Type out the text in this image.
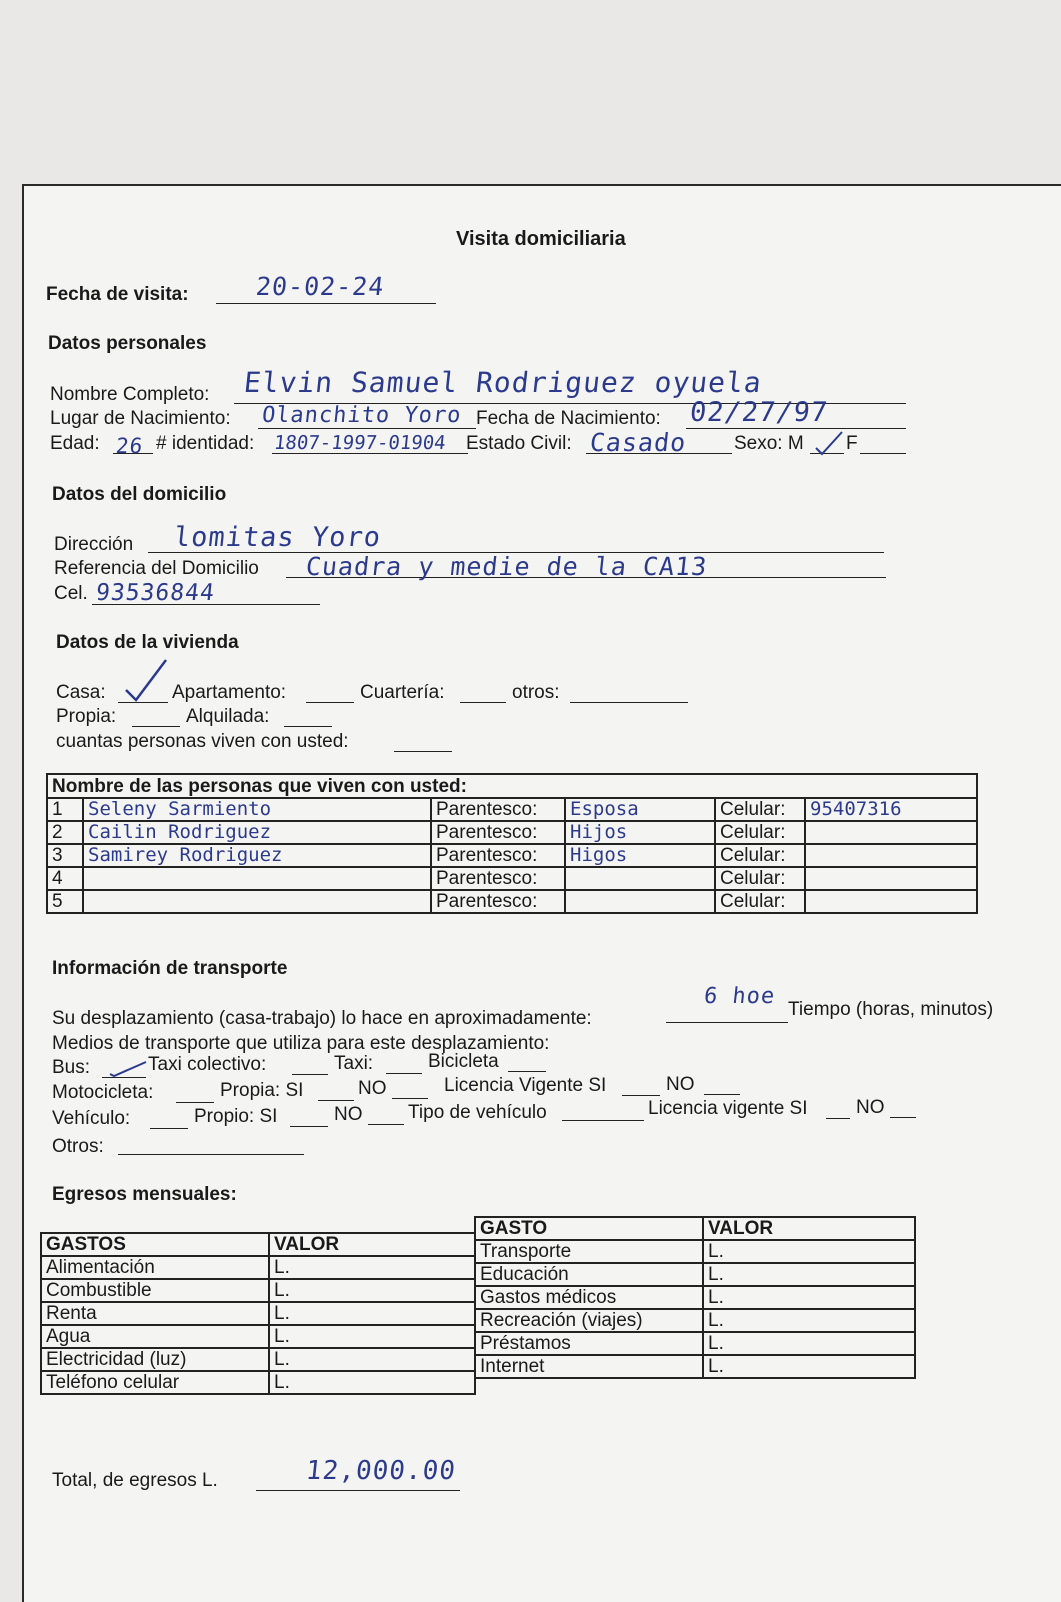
Visita domiciliaria
Fecha de visita:	20-02-24
Datos personales
Nombre Completo: Elvin Samuel Rodriguez oyuela
Lugar de Nacimiento: Olanchito Yoro Fecha de Nacimiento: 02/27/97
Edad: 26 # identidad: 1807-1997-01904 Estado Civil: Casado Sexo: M F
Datos del domicilio
Dirección lomitas Yoro
Referencia del Domicilio Cuadra y medie de la CA13
Cel. 93536844
Datos de la vivienda
Casa:	Apartamento:	Cuartería:	otros:
Propia:	Alquilada:
cuantas personas viven con usted:
Nombre de las personas que viven con usted:					
1	Seleny Sarmiento	Parentesco:	Esposa	Celular:	95407316
2	Cailin Rodriguez	Parentesco:	Hijos	Celular:	
3	Samirey Rodriguez	Parentesco:	Higos	Celular:	
4		Parentesco:		Celular:	
5		Parentesco:		Celular:	
Información de transporte
Su desplazamiento (casa-trabajo) lo hace en aproximadamente:
6 hoe
Tiempo (horas, minutos)
Medios de transporte que utiliza para este desplazamiento:
Bus:	Taxi colectivo:	Taxi:	Bicicleta
Motocicleta:	Propia: SI	NO	Licencia Vigente SI	NO
Vehículo:	Propio: SI	NO Tipo de vehículo	Licencia vigente SI	NO
Otros:
Egresos mensuales:
GASTOS	VALOR
Alimentación	L.
Combustible	L.
Renta	L.
Agua	L.
Electricidad (luz)	L.
Teléfono celular	L.
GASTO	VALOR
Transporte	L.
Educación	L.
Gastos médicos	L.
Recreación (viajes)	L.
Préstamos	L.
Internet	L.
Total, de egresos L.	12,000.00
